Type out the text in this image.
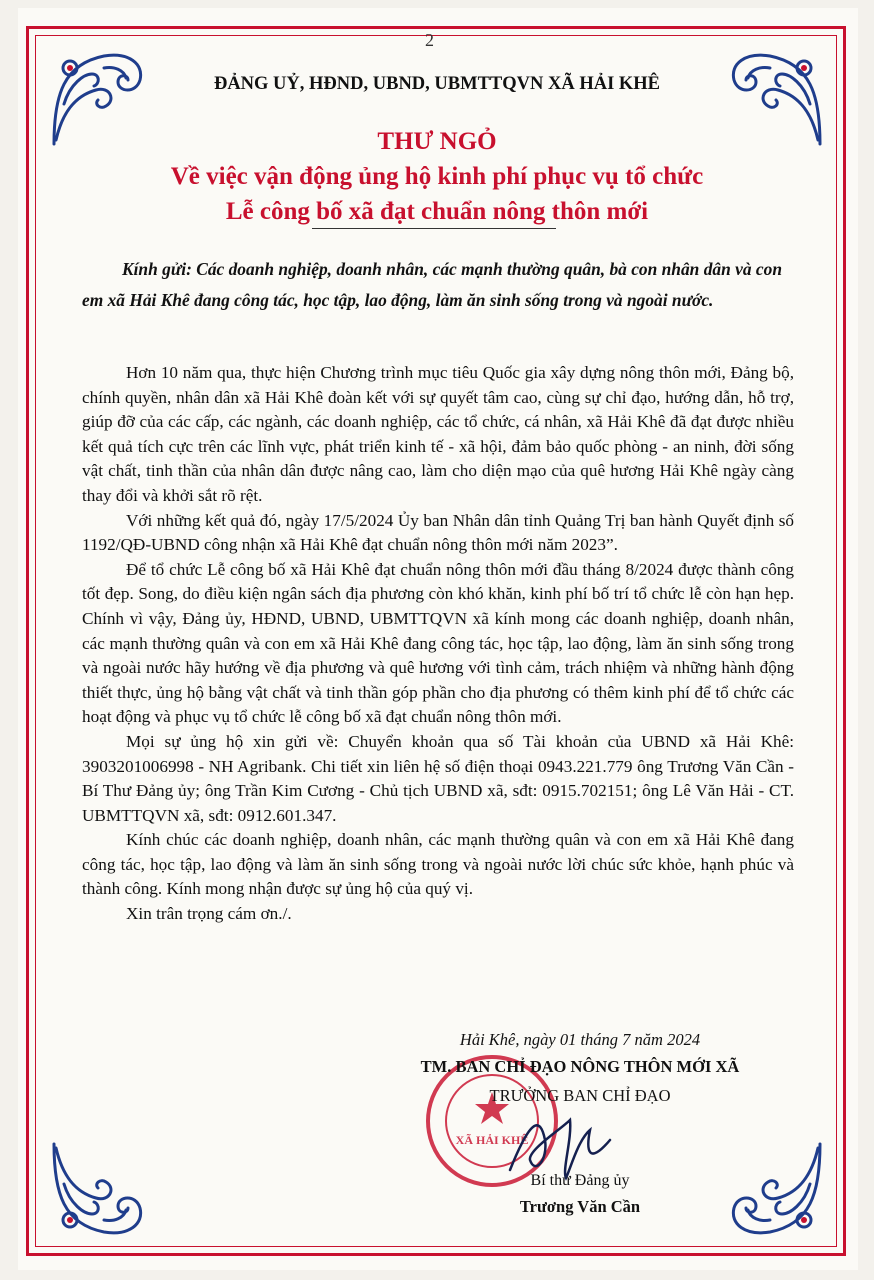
2
ĐẢNG UỶ, HĐND, UBND, UBMTTQVN XÃ HẢI KHÊ
THƯ NGỎ
Về việc vận động ủng hộ kinh phí phục vụ tổ chức
Lễ công bố xã đạt chuẩn nông thôn mới
Kính gửi: Các doanh nghiệp, doanh nhân, các mạnh thường quân, bà con nhân dân và con em xã Hải Khê đang công tác, học tập, lao động, làm ăn sinh sống trong và ngoài nước.

Hơn 10 năm qua, thực hiện Chương trình mục tiêu Quốc gia xây dựng nông thôn mới, Đảng bộ, chính quyền, nhân dân xã Hải Khê đoàn kết với sự quyết tâm cao, cùng sự chỉ đạo, hướng dẫn, hỗ trợ, giúp đỡ của các cấp, các ngành, các doanh nghiệp, các tổ chức, cá nhân, xã Hải Khê đã đạt được nhiều kết quả tích cực trên các lĩnh vực, phát triển kinh tế - xã hội, đảm bảo quốc phòng - an ninh, đời sống vật chất, tinh thần của nhân dân được nâng cao, làm cho diện mạo của quê hương Hải Khê ngày càng thay đổi và khởi sắt rõ rệt.

Với những kết quả đó, ngày 17/5/2024 Ủy ban Nhân dân tỉnh Quảng Trị ban hành Quyết định số 1192/QĐ-UBND công nhận xã Hải Khê đạt chuẩn nông thôn mới năm 2023”.

Để tổ chức Lễ công bố xã Hải Khê đạt chuẩn nông thôn mới đầu tháng 8/2024 được thành công tốt đẹp. Song, do điều kiện ngân sách địa phương còn khó khăn, kinh phí bố trí tổ chức lễ còn hạn hẹp. Chính vì vậy, Đảng ủy, HĐND, UBND, UBMTTQVN xã kính mong các doanh nghiệp, doanh nhân, các mạnh thường quân và con em xã Hải Khê đang công tác, học tập, lao động, làm ăn sinh sống trong và ngoài nước hãy hướng về địa phương và quê hương với tình cảm, trách nhiệm và những hành động thiết thực, ủng hộ bằng vật chất và tinh thần góp phần cho địa phương có thêm kinh phí để tổ chức các hoạt động và phục vụ tổ chức lễ công bố xã đạt chuẩn nông thôn mới.

Mọi sự ủng hộ xin gửi về: Chuyển khoản qua số Tài khoản của UBND xã Hải Khê: 3903201006998 - NH Agribank. Chi tiết xin liên hệ số điện thoại 0943.221.779 ông Trương Văn Cần - Bí Thư Đảng ủy; ông Trần Kim Cương - Chủ tịch UBND xã, sđt: 0915.702151; ông Lê Văn Hải - CT. UBMTTQVN xã, sđt: 0912.601.347.

Kính chúc các doanh nghiệp, doanh nhân, các mạnh thường quân và con em xã Hải Khê đang công tác, học tập, lao động và làm ăn sinh sống trong và ngoài nước lời chúc sức khỏe, hạnh phúc và thành công. Kính mong nhận được sự ủng hộ của quý vị.

Xin trân trọng cám ơn./.

XÃ HẢI KHÊ
Hải Khê, ngày 01 tháng 7 năm 2024
TM. BAN CHỈ ĐẠO NÔNG THÔN MỚI XÃ
TRƯỞNG BAN CHỈ ĐẠO
Bí thư Đảng ủy
Trương Văn Cần
